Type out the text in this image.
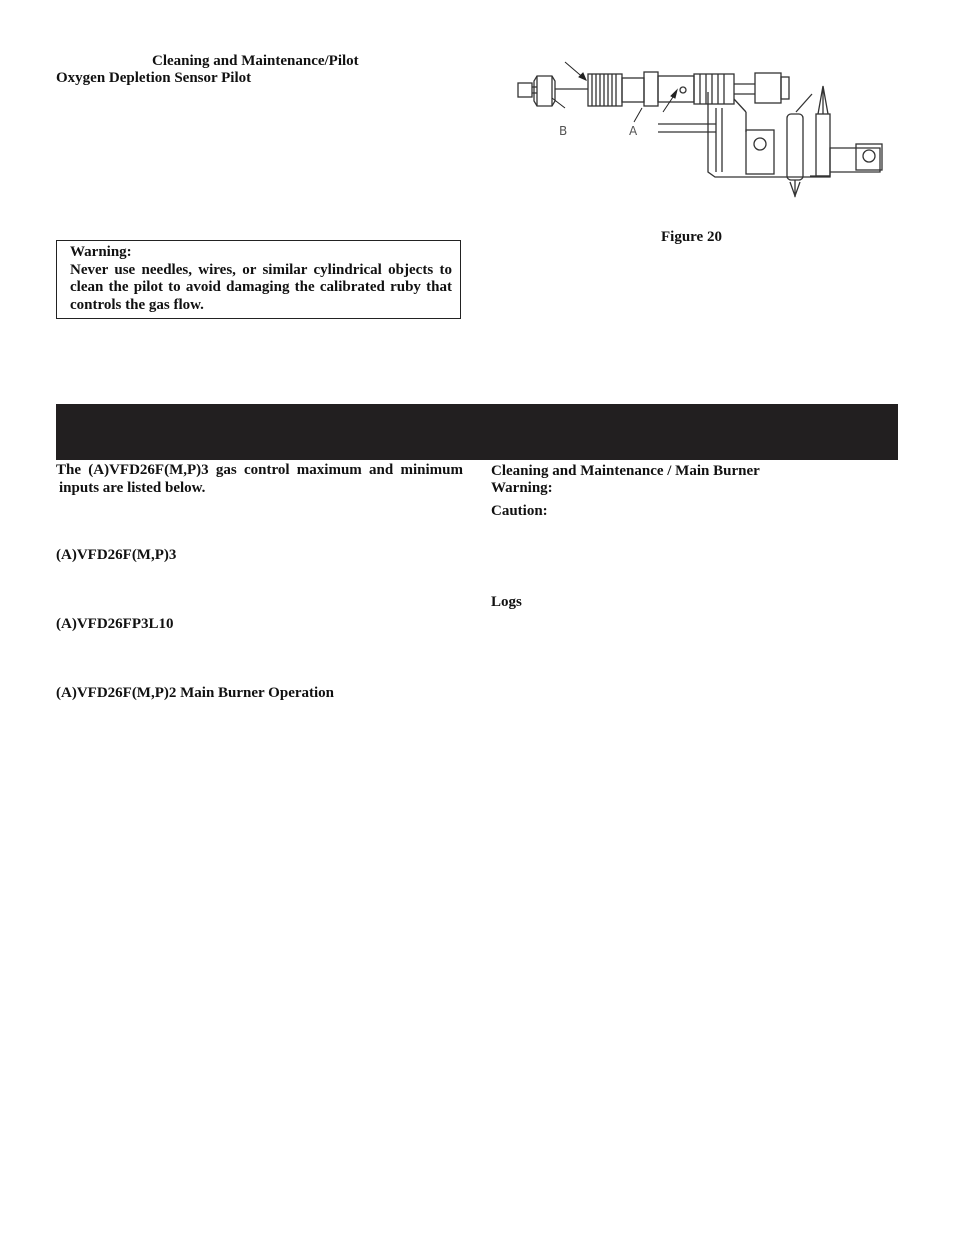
Cleaning and Maintenance/Pilot
Oxygen Depletion Sensor Pilot
Warning:
Never use needles, wires, or similar cylindrical objects to clean the pilot to avoid damaging the calibrated ruby that controls the gas flow.
B	A
Figure 20
The (A)VFD26F(M,P)3 gas control maximum and minimum
inputs are listed below.
(A)VFD26F(M,P)3
(A)VFD26FP3L10
(A)VFD26F(M,P)2 Main Burner Operation
Cleaning and Maintenance / Main Burner
Warning:
Caution:
Logs
